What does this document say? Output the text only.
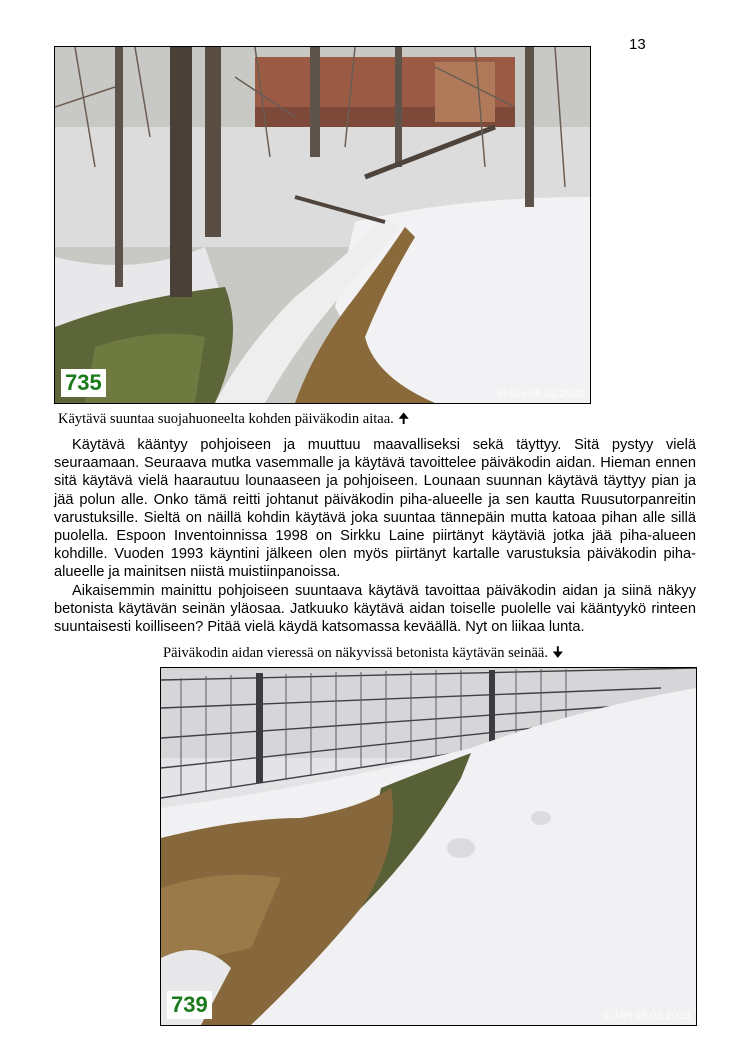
13
735	© MH 08.02.2023
Käytävä suuntaa suojahuoneelta kohden päiväkodin aitaa. 🠉

Käytävä kääntyy pohjoiseen ja muuttuu maavalliseksi sekä täyttyy. Sitä pystyy vielä seuraamaan. Seuraava mutka vasemmalle ja käytävä tavoittelee päiväkodin aidan. Hieman ennen sitä käytävä vielä haarautuu lounaaseen ja pohjoiseen. Lounaan suunnan käytävä täyttyy pian ja jää polun alle. Onko tämä reitti johtanut päiväkodin piha-alueelle ja sen kautta Ruusutorpanreitin varustuksille. Sieltä on näillä kohdin käytävä joka suuntaa tännepäin mutta katoaa pihan alle sillä puolella. Espoon Inventoinnissa 1998 on Sirkku Laine piirtänyt käytäviä jotka jää piha-alueen kohdille. Vuoden 1993 käyntini jälkeen olen myös piirtänyt kartalle varustuksia päiväkodin piha-alueelle ja mainitsen niistä muistiinpanoissa.

Aikaisemmin mainittu pohjoiseen suuntaava käytävä tavoittaa päiväkodin aidan ja siinä näkyy betonista käytävän seinän yläosaa. Jatkuuko käytävä aidan toiselle puolelle vai kääntyykö rinteen suuntaisesti koilliseen? Pitää vielä käydä katsomassa keväällä. Nyt on liikaa lunta.

Päiväkodin aidan vieressä on näkyvissä betonista käytävän seinää. 🠋
739	© MH 08.02.2023
